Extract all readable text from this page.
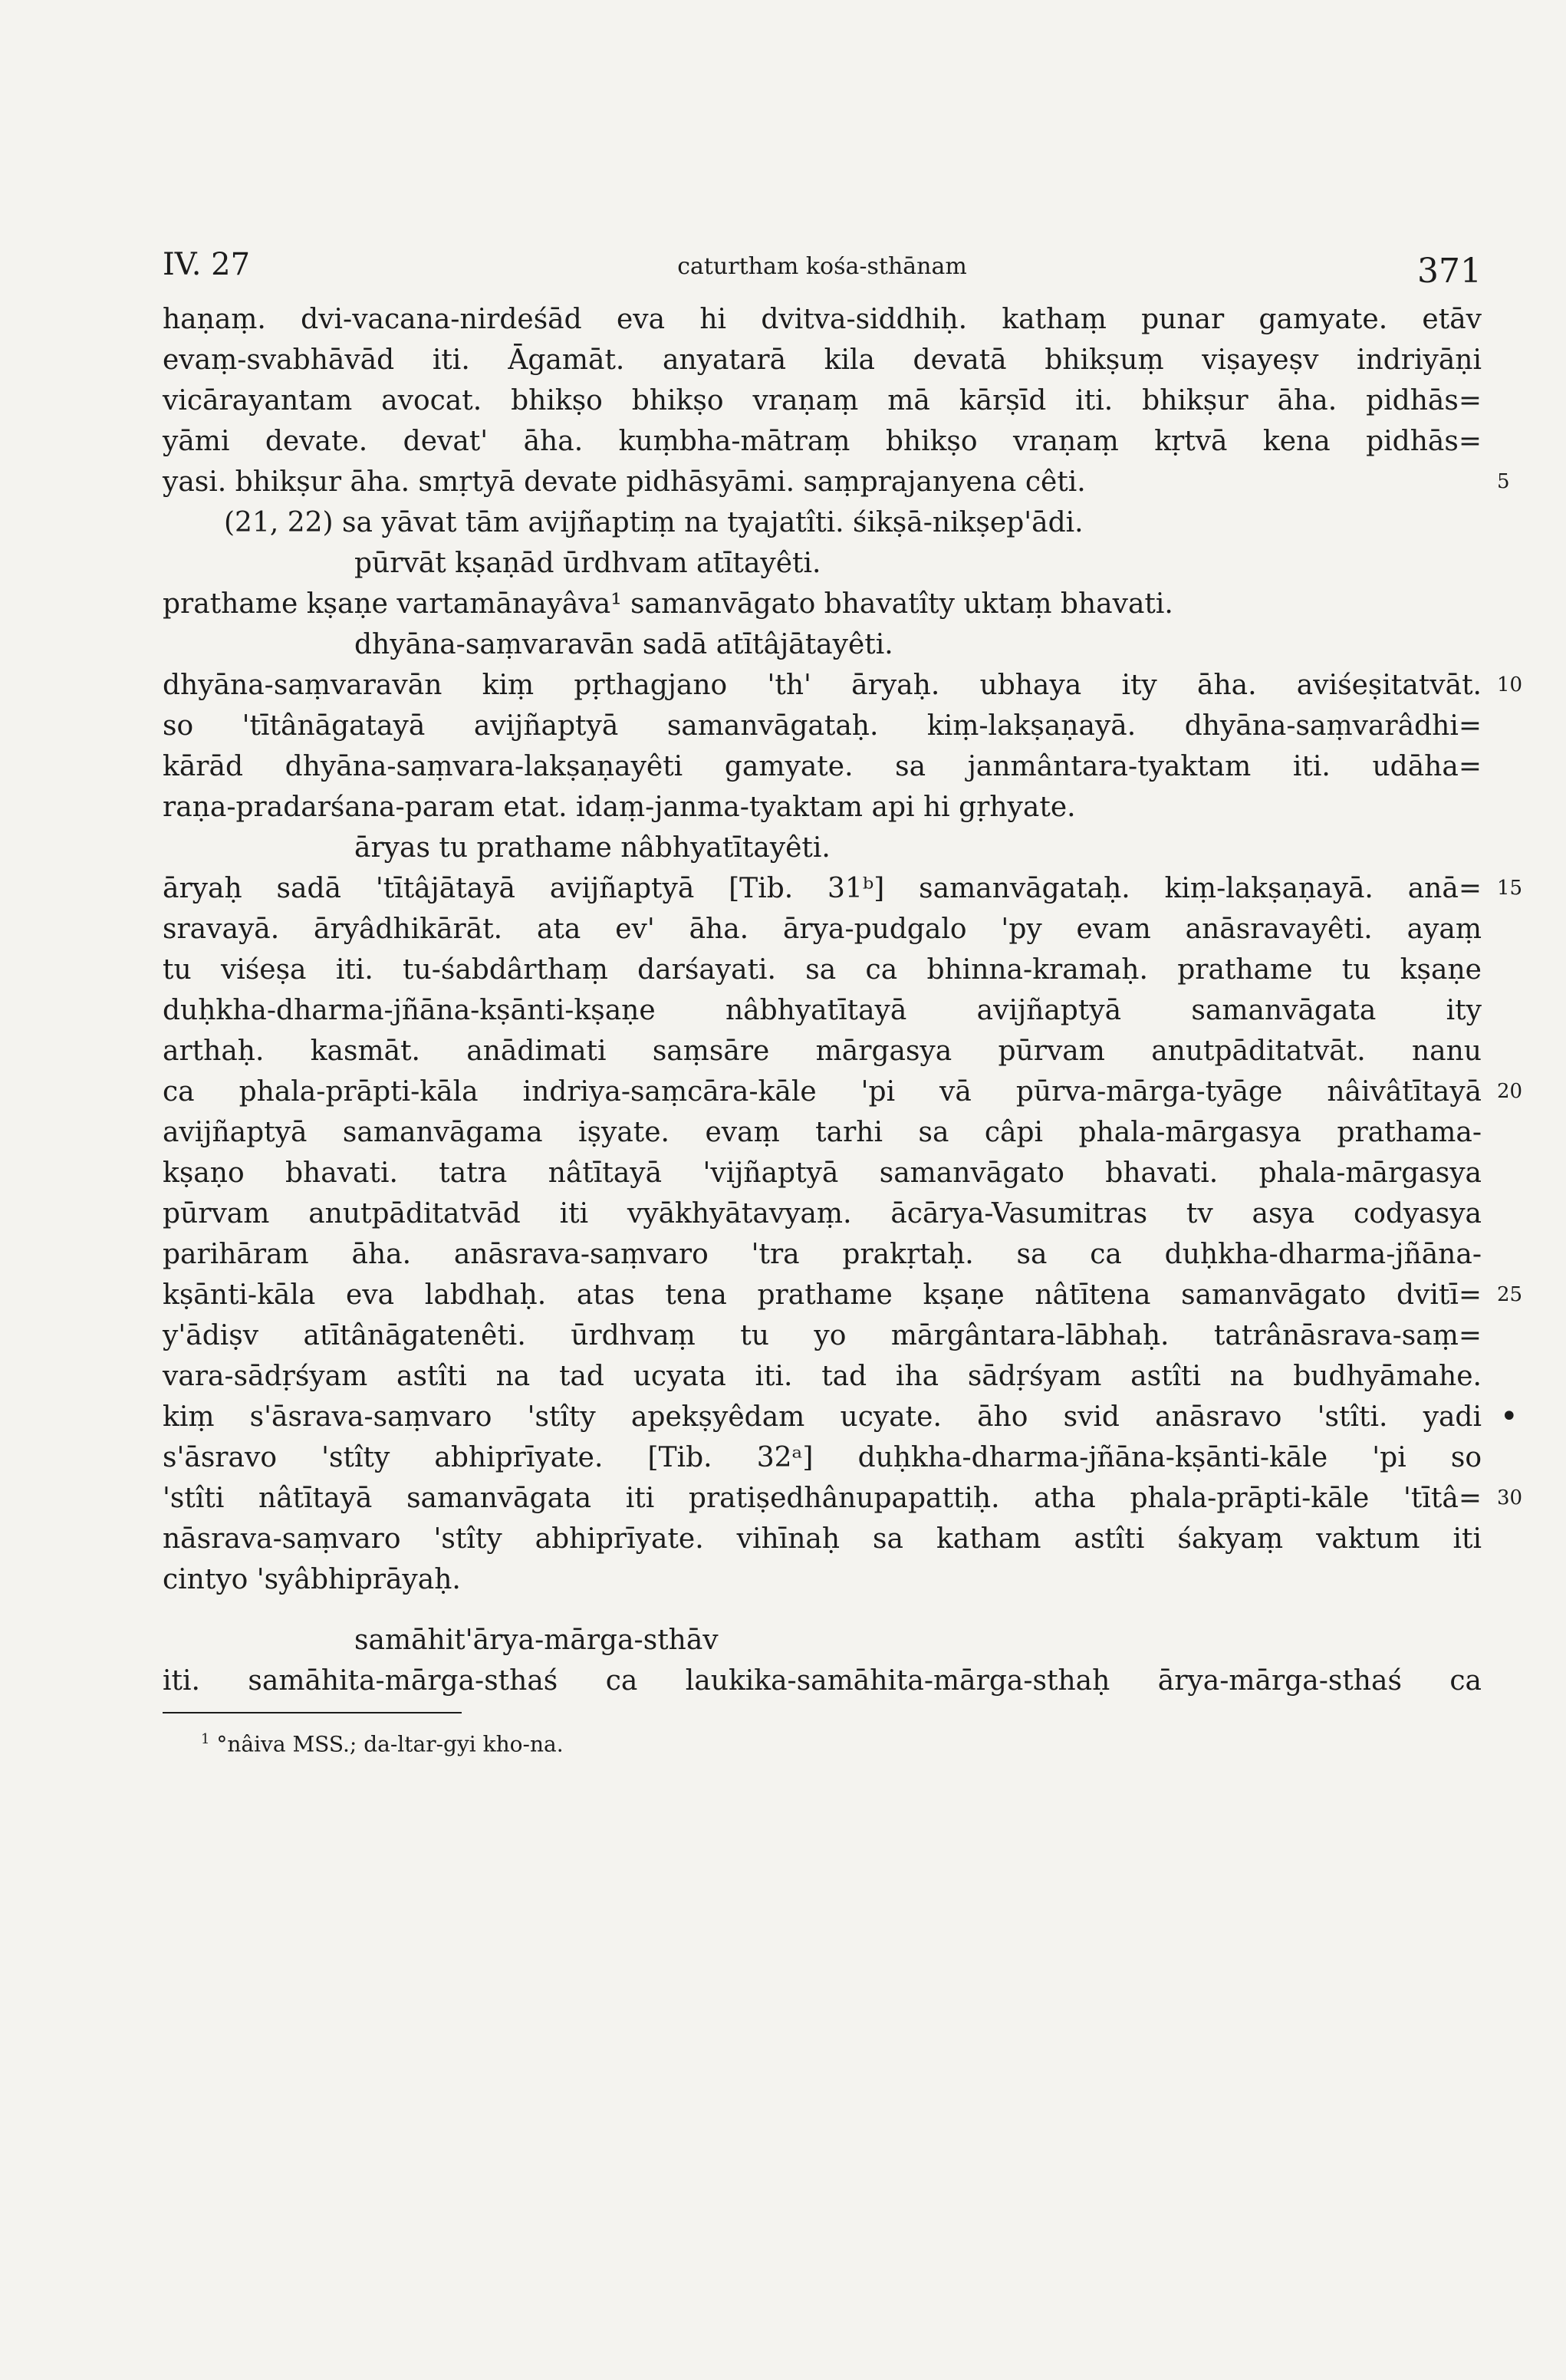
IV. 27	caturtham kośa-sthānam	371
haṇaṃ. dvi-vacana-nirdeśād eva hi dvitva-siddhiḥ. kathaṃ punar gamyate. etāv
evaṃ-svabhāvād iti. Āgamāt. anyatarā kila devatā bhikṣuṃ viṣayeṣv indriyāṇi
vicārayantam avocat. bhikṣo bhikṣo vraṇaṃ mā kārṣīd iti. bhikṣur āha. pidhās=
yāmi devate. devat' āha. kuṃbha-mātraṃ bhikṣo vraṇaṃ kṛtvā kena pidhās=
yasi. bhikṣur āha. smṛtyā devate pidhāsyāmi. saṃprajanyena cêti.	5
(21, 22) sa yāvat tām avijñaptiṃ na tyajatîti. śikṣā-nikṣep'ādi.
pūrvāt kṣaṇād ūrdhvam atītayêti.
prathame kṣaṇe vartamānayâva¹ samanvāgato bhavatîty uktaṃ bhavati.
dhyāna-saṃvaravān sadā atītâjātayêti.
dhyāna-saṃvaravān kiṃ pṛthagjano 'th' āryaḥ. ubhaya ity āha. aviśeṣitatvāt. 10
so 'tītânāgatayā avijñaptyā samanvāgataḥ. kiṃ-lakṣaṇayā. dhyāna-saṃvarâdhi=
kārād dhyāna-saṃvara-lakṣaṇayêti gamyate. sa janmântara-tyaktam iti. udāha=
raṇa-pradarśana-param etat. idaṃ-janma-tyaktam api hi gṛhyate.
āryas tu prathame nâbhyatītayêti.
āryaḥ sadā 'tītâjātayā avijñaptyā [Tib. 31ᵇ] samanvāgataḥ. kiṃ-lakṣaṇayā. anā= 15
sravayā. āryâdhikārāt. ata ev' āha. ārya-pudgalo 'py evam anāsravayêti. ayaṃ
tu viśeṣa iti. tu-śabdârthaṃ darśayati. sa ca bhinna-kramaḥ. prathame tu kṣaṇe
duḥkha-dharma-jñāna-kṣānti-kṣaṇe nâbhyatītayā avijñaptyā samanvāgata ity
arthaḥ. kasmāt. anādimati saṃsāre mārgasya pūrvam anutpāditatvāt. nanu
ca phala-prāpti-kāla indriya-saṃcāra-kāle 'pi vā pūrva-mārga-tyāge nâivâtītayā 20
avijñaptyā samanvāgama iṣyate. evaṃ tarhi sa câpi phala-mārgasya prathama-
kṣaṇo bhavati. tatra nâtītayā 'vijñaptyā samanvāgato bhavati. phala-mārgasya
pūrvam anutpāditatvād iti vyākhyātavyaṃ. ācārya-Vasumitras tv asya codyasya
parihāram āha. anāsrava-saṃvaro 'tra prakṛtaḥ. sa ca duḥkha-dharma-jñāna-
kṣānti-kāla eva labdhaḥ. atas tena prathame kṣaṇe nâtītena samanvāgato dvitī= 25
y'ādiṣv atītânāgatenêti. ūrdhvaṃ tu yo mārgântara-lābhaḥ. tatrânāsrava-saṃ=
vara-sādṛśyam astîti na tad ucyata iti. tad iha sādṛśyam astîti na budhyāmahe.
kiṃ s'āsrava-saṃvaro 'stîty apekṣyêdam ucyate. āho svid anāsravo 'stîti. yadi •
s'āsravo 'stîty abhiprīyate. [Tib. 32ᵃ] duḥkha-dharma-jñāna-kṣānti-kāle 'pi so
'stîti nâtītayā samanvāgata iti pratiṣedhânupapattiḥ. atha phala-prāpti-kāle 'tītâ= 30
nāsrava-saṃvaro 'stîty abhiprīyate. vihīnaḥ sa katham astîti śakyaṃ vaktum iti
cintyo 'syâbhiprāyaḥ.
samāhit'ārya-mārga-sthāv
iti. samāhita-mārga-sthaś ca laukika-samāhita-mārga-sthaḥ ārya-mārga-sthaś ca
$^1$ °nâiva MSS.; da-ltar-gyi kho-na.
